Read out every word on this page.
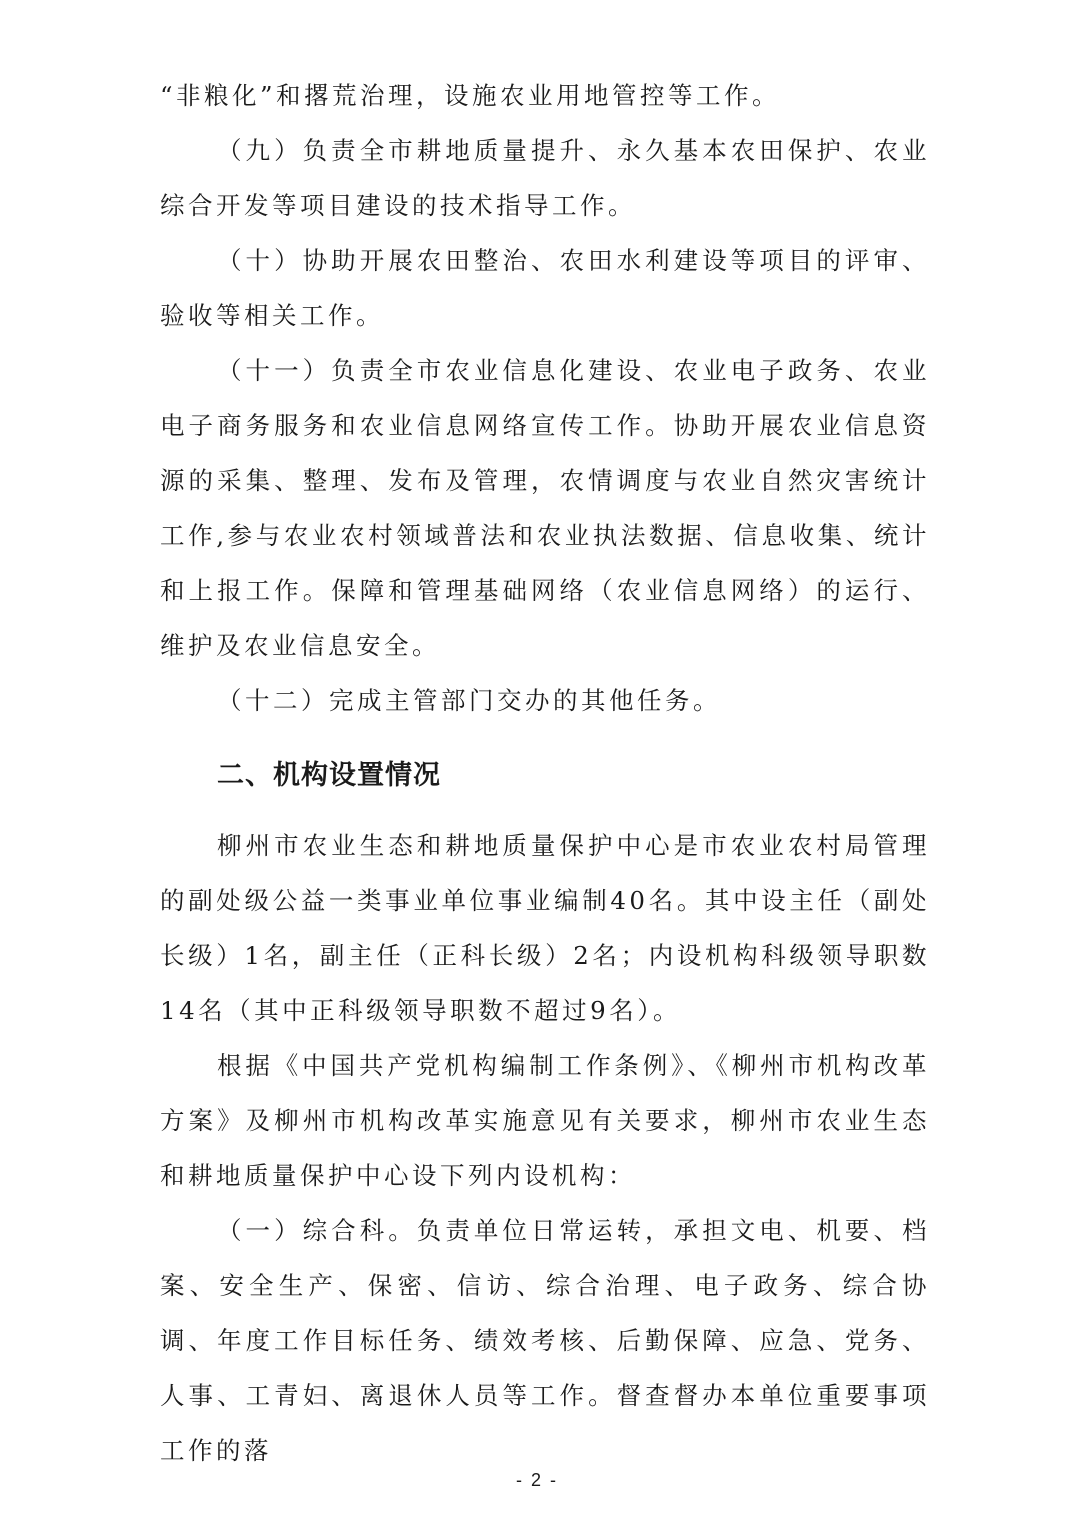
“非粮化”和撂荒治理，设施农业用地管控等工作。

（九）负责全市耕地质量提升、永久基本农田保护、农业综合开发等项目建设的技术指导工作。

（十）协助开展农田整治、农田水利建设等项目的评审、验收等相关工作。

（十一）负责全市农业信息化建设、农业电子政务、农业电子商务服务和农业信息网络宣传工作。协助开展农业信息资源的采集、整理、发布及管理，农情调度与农业自然灾害统计工作,参与农业农村领域普法和农业执法数据、信息收集、统计和上报工作。保障和管理基础网络（农业信息网络）的运行、维护及农业信息安全。

（十二）完成主管部门交办的其他任务。

二、机构设置情况

柳州市农业生态和耕地质量保护中心是市农业农村局管理的副处级公益一类事业单位事业编制40名。其中设主任（副处长级）1名，副主任（正科长级）2名；内设机构科级领导职数14名（其中正科级领导职数不超过9名）。

根据《中国共产党机构编制工作条例》、《柳州市机构改革方案》及柳州市机构改革实施意见有关要求，柳州市农业生态和耕地质量保护中心设下列内设机构：

（一）综合科。负责单位日常运转，承担文电、机要、档案、安全生产、保密、信访、综合治理、电子政务、综合协调、年度工作目标任务、绩效考核、后勤保障、应急、党务、人事、工青妇、离退休人员等工作。督查督办本单位重要事项工作的落

- 2 -
